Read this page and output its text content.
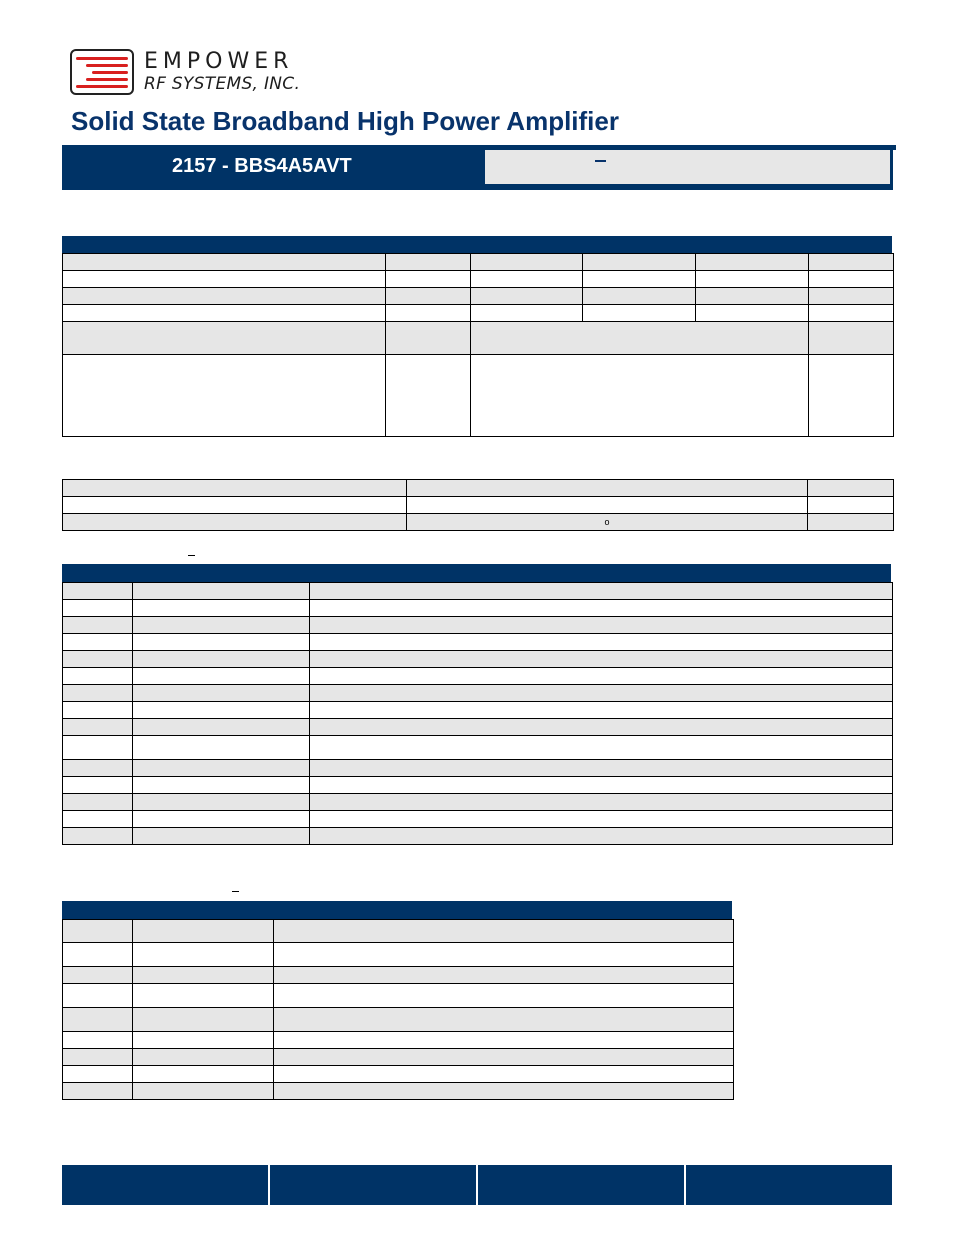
EMPOWER
RF SYSTEMS, INC.
Solid State Broadband High Power Amplifier
2157 - BBS4A5AVT

	o	
